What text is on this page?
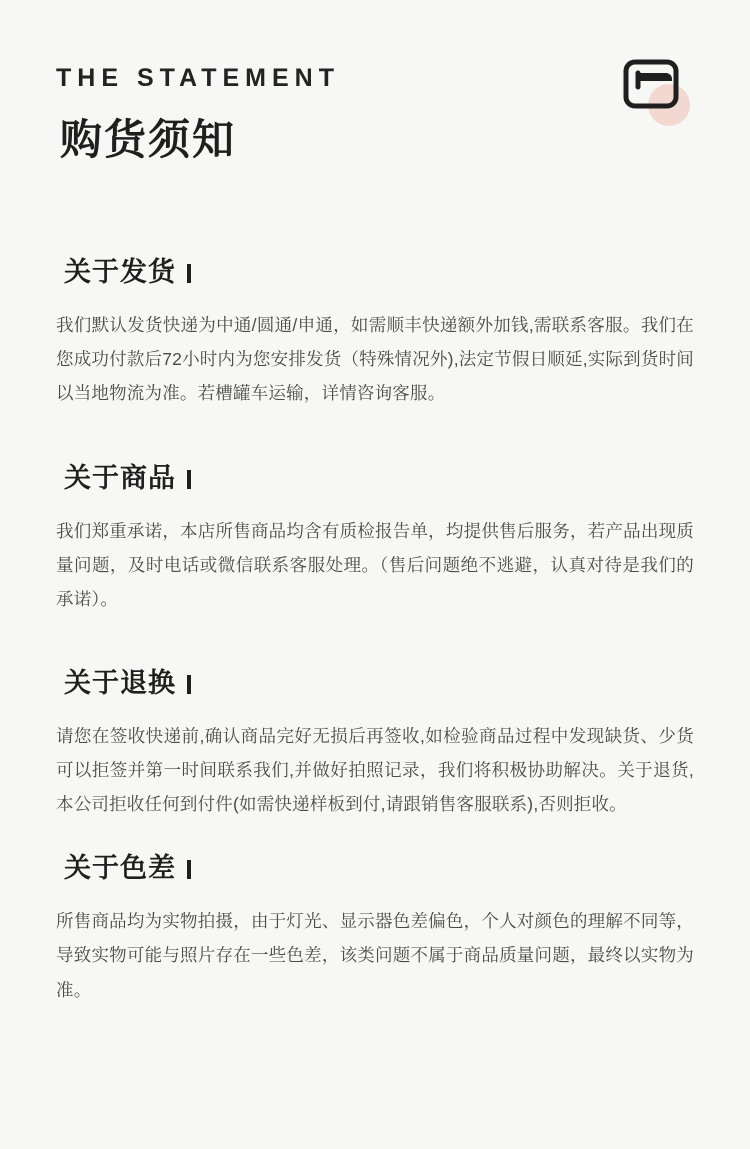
THE STATEMENT
购货须知
关于发货
我们默认发货快递为中通/圆通/申通，如需顺丰快递额外加钱,需联系客服。我们在您成功付款后72小时内为您安排发货（特殊情况外),法定节假日顺延,实际到货时间以当地物流为准。若槽罐车运输，详情咨询客服。
关于商品
我们郑重承诺，本店所售商品均含有质检报告单，均提供售后服务，若产品出现质量问题，及时电话或微信联系客服处理。（售后问题绝不逃避，认真对待是我们的承诺）。
关于退换
请您在签收快递前,确认商品完好无损后再签收,如检验商品过程中发现缺货、少货可以拒签并第一时间联系我们,并做好拍照记录，我们将积极协助解决。关于退货,本公司拒收任何到付件(如需快递样板到付,请跟销售客服联系),否则拒收。
关于色差
所售商品均为实物拍摄，由于灯光、显示器色差偏色，个人对颜色的理解不同等，导致实物可能与照片存在一些色差，该类问题不属于商品质量问题，最终以实物为准。
